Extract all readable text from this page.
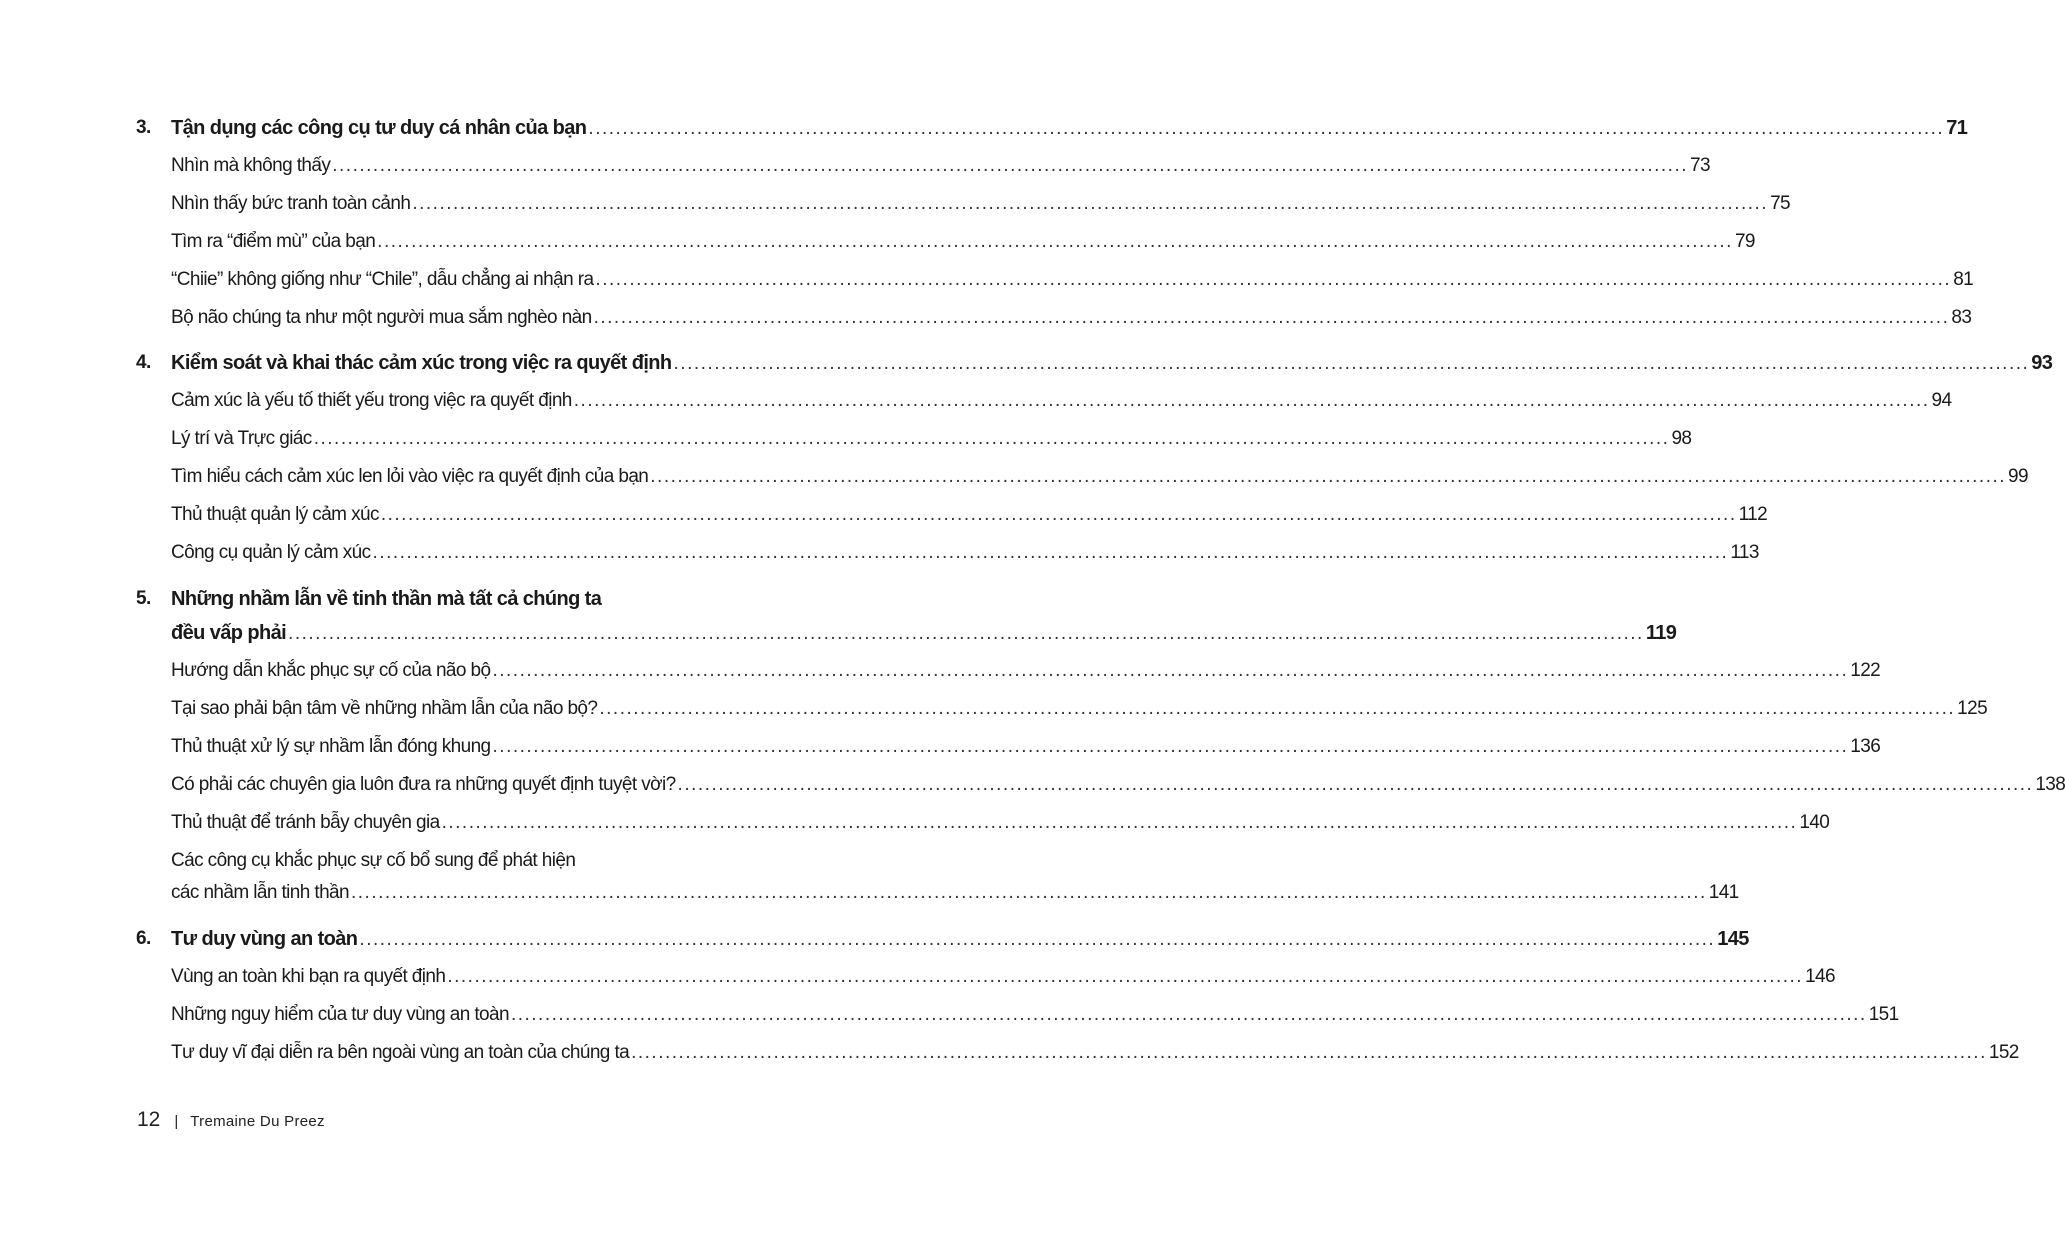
3. Tận dụng các công cụ tư duy cá nhân của bạn ........................................................................................................................................................................................................ 71
Nhìn mà không thấy ........................................................................................................................................................................................................ 73
Nhìn thấy bức tranh toàn cảnh ........................................................................................................................................................................................................ 75
Tìm ra “điểm mù” của bạn ........................................................................................................................................................................................................ 79
“Chiie” không giống như “Chile”, dẫu chẳng ai nhận ra ........................................................................................................................................................................................................ 81
Bộ não chúng ta như một người mua sắm nghèo nàn ........................................................................................................................................................................................................ 83
4. Kiểm soát và khai thác cảm xúc trong việc ra quyết định ........................................................................................................................................................................................................ 93
Cảm xúc là yếu tố thiết yếu trong việc ra quyết định ........................................................................................................................................................................................................ 94
Lý trí và Trực giác ........................................................................................................................................................................................................ 98
Tìm hiểu cách cảm xúc len lỏi vào việc ra quyết định của bạn ........................................................................................................................................................................................................ 99
Thủ thuật quản lý cảm xúc ........................................................................................................................................................................................................ 112
Công cụ quản lý cảm xúc ........................................................................................................................................................................................................ 113
5. Những nhầm lẫn về tinh thần mà tất cả chúng ta
đều vấp phải ........................................................................................................................................................................................................ 119
Hướng dẫn khắc phục sự cố của não bộ ........................................................................................................................................................................................................ 122
Tại sao phải bận tâm về những nhầm lẫn của não bộ? ........................................................................................................................................................................................................ 125
Thủ thuật xử lý sự nhầm lẫn đóng khung ........................................................................................................................................................................................................ 136
Có phải các chuyên gia luôn đưa ra những quyết định tuyệt vời? ........................................................................................................................................................................................................ 138
Thủ thuật để tránh bẫy chuyên gia ........................................................................................................................................................................................................ 140
Các công cụ khắc phục sự cố bổ sung để phát hiện
các nhầm lẫn tinh thần ........................................................................................................................................................................................................ 141
6. Tư duy vùng an toàn ........................................................................................................................................................................................................ 145
Vùng an toàn khi bạn ra quyết định ........................................................................................................................................................................................................ 146
Những nguy hiểm của tư duy vùng an toàn ........................................................................................................................................................................................................ 151
Tư duy vĩ đại diễn ra bên ngoài vùng an toàn của chúng ta ........................................................................................................................................................................................................ 152
12 | Tremaine Du Preez
